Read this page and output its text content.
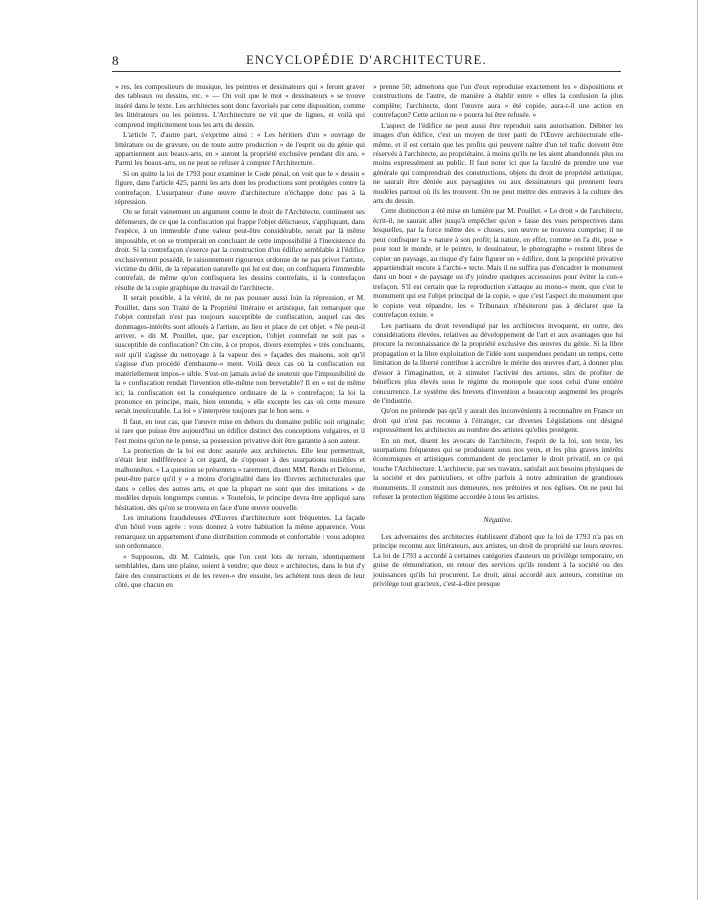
8	ENCYCLOPÉDIE D'ARCHITECTURE.

» res, les compositeurs de musique, les peintres et dessinateurs qui » feront graver des tableaux ou dessins, etc. » — On voit que le mot « dessinateurs » se trouve inséré dans le texte. Les architectes sont donc favorisés par cette disposition, comme les littérateurs ou les peintres. L'Architecture ne vit que de lignes, et voilà qui comprend implicitement tous les arts du dessin.

L'article 7, d'autre part, s'exprime ainsi : « Les héritiers d'un » ouvrage de littérature ou de gravure, ou de toute autre production » de l'esprit ou du génie qui appartiennent aux beaux-arts, en » auront la propriété exclusive pendant dix ans. » Parmi les beaux-arts, on ne peut se refuser à compter l'Architecture.

Si on quitte la loi de 1793 pour examiner le Code pénal, on voit que le « dessin » figure, dans l'article 425, parmi les arts dont les productions sont protégées contre la contrefaçon. L'usurpateur d'une œuvre d'architecture n'échappe donc pas à la répression.

On se ferait vainement un argument contre le droit de l'Architecte, continuent ses défenseurs, de ce que la confiscation qui frappe l'objet délictueux, s'appliquant, dans l'espèce, à un immeuble d'une valeur peut-être considérable, serait par là même impossible, et on se tromperait en concluant de cette impossibilité à l'inexistence du droit. Si la contrefaçon s'exerce par la construction d'un édifice semblable à l'édifice exclusivement possédé, le raisonnement rigoureux ordonne de ne pas priver l'artiste, victime du délit, de la réparation naturelle qui lui est due; on confisquera l'immeuble contrefait, de même qu'on confisquera les dessins contrefaits, si la contrefaçon résulte de la copie graphique du travail de l'architecte.

Il serait possible, à la vérité, de ne pas pousser aussi loin la répression, et M. Pouillet, dans son Traité de la Propriété littéraire et artistique, fait remarquer que l'objet contrefait n'est pas toujours susceptible de confiscation, auquel cas des dommages-intérêts sont alloués à l'artiste, au lieu et place de cet objet. « Ne peut-il arriver, » dit M. Pouillet, que, par exception, l'objet contrefait ne soit pas » susceptible de confiscation? On cite, à ce propos, divers exemples » très concluants, soit qu'il s'agisse du nettoyage à la vapeur des » façades des maisons, soit qu'il s'agisse d'un procédé d'embaume-» ment. Voilà deux cas où la confiscation est matériellement impos-» sible. S'est-on jamais avisé de soutenir que l'impossibilité de la » confiscation rendait l'invention elle-même non brevetable? Il en » est de même ici; la confiscation est la conséquence ordinaire de la » contrefaçon; la loi la prononce en principe, mais, bien entendu, » elle excepte les cas où cette mesure serait inexécutable. La loi » s'interprète toujours par le bon sens. »

Il faut, en tout cas, que l'œuvre mise en dehors du domaine public soit originale; si rare que puisse être aujourd'hui un édifice distinct des conceptions vulgaires, et il l'est moins qu'on ne le pense, sa possession privative doit être garantie à son auteur.

La protection de la loi est donc assurée aux architectes. Elle leur permettrait, n'était leur indifférence à cet égard, de s'opposer à des usurpations nuisibles et malhonnêtes. « La question se présentera » rarement, disent MM. Rendu et Delorme, peut-être parce qu'il y » a moins d'originalité dans les Œuvres architecturales que dans » celles des autres arts, et que la plupart ne sont que des imitations » de modèles depuis longtemps connus. » Toutefois, le principe devra être appliqué sans hésitation, dès qu'on se trouvera en face d'une œuvre nouvelle.

Les imitations frauduleuses d'Œuvres d'architecture sont fréquentes. La façade d'un hôtel vous agrée : vous donnez à votre habitation la même apparence. Vous remarquez un appartement d'une distribution commode et confortable : vous adoptez son ordonnance.

« Supposons, dit M. Calmels, que l'on cent lots de terrain, identiquement semblables, dans une plaine, soient à vendre; que deux » architectes, dans le but d'y faire des constructions et de les reven-» dre ensuite, les achètent tous deux de leur côté, que chacun en

» prenne 50; admettons que l'un d'eux reproduise exactement les » dispositions et constructions de l'autre, de manière à établir entre » elles la confusion la plus complète; l'architecte, dont l'œuvre aura » été copiée, aura-t-il une action en contrefaçon? Cette action ne » pourra lui être refusée. »

L'aspect de l'édifice ne peut aussi être reproduit sans autorisation. Débiter les images d'un édifice, c'est un moyen de tirer parti de l'Œuvre architecturale elle-même, et il est certain que les profits qui peuvent naître d'un tel trafic doivent être réservés à l'architecte, au propriétaire, à moins qu'ils ne les aient abandonnés plus ou moins expressément au public. Il faut noter ici que la faculté de prendre une vue générale qui comprendrait des constructions, objets du droit de propriété artistique, ne saurait être déniée aux paysagistes ou aux dessinateurs qui prennent leurs modèles partout où ils les trouvent. On ne peut mettre des entraves à la culture des arts du dessin.

Cette distinction a été mise en lumière par M. Pouillet. « Le droit » de l'architecte, écrit-il, ne saurait aller jusqu'à empêcher qu'on » fasse des vues perspectives dans lesquelles, par la force même des » choses, son œuvre se trouvera comprise; il ne peut confisquer la » nature à son profit; la nature, en effet, comme on l'a dit, pose » pour tout le monde, et le peintre, le dessinateur, le photographe » restent libres de copier un paysage, au risque d'y faire figurer un » édifice, dont la propriété privative appartiendrait encore à l'archi-» tecte. Mais il ne suffira pas d'encadrer le monument dans un bout » de paysage ou d'y joindre quelques accessoires pour éviter la con-» trefaçon. S'il est certain que la reproduction s'attaque au monu-» ment, que c'est le monument qui est l'objet principal de la copie, » que c'est l'aspect du monument que le copiste veut répandre, les » Tribunaux n'hésiteront pas à déclarer que la contrefaçon existe. »

Les partisans du droit revendiqué par les architectes invoquent, en outre, des considérations élevées, relatives au développement de l'art et aux avantages que lui procure la reconnaissance de la propriété exclusive des œuvres du génie. Si la libre propagation et la libre exploitation de l'idée sont suspendues pendant un temps, cette limitation de la liberté contribue à accroître le mérite des œuvres d'art, à donner plus d'essor à l'imagination, et à stimuler l'activité des artistes, sûrs de profiter de bénéfices plus élevés sous le régime du monopole que sous celui d'une entière concurrence. Le système des brevets d'invention a beaucoup augmenté les progrès de l'industrie.

Qu'on ne prétende pas qu'il y aurait des inconvénients à reconnaître en France un droit qui n'est pas reconnu à l'étranger, car diverses Législations ont désigné expressément les architectes au nombre des artistes qu'elles protègent.

En un mot, disent les avocats de l'architecte, l'esprit de la loi, son texte, les usurpations fréquentes qui se produisent sous nos yeux, et les plus graves intérêts économiques et artistiques commandent de proclamer le droit privatif, en ce qui touche l'Architecture. L'architecte, par ses travaux, satisfait aux besoins physiques de la société et des particuliers, et offre parfois à notre admiration de grandioses monuments. Il construit nos demeures, nos prétoires et nos églises. On ne peut lui refuser la protection légitime accordée à tous les artistes.

Négative.

Les adversaires des architectes établissent d'abord que la loi de 1793 n'a pas en principe reconnu aux littérateurs, aux artistes, un droit de propriété sur leurs œuvres. La loi de 1793 a accordé à certaines catégories d'auteurs un privilège temporaire, en guise de rémunération, en retour des services qu'ils rendent à la société ou des jouissances qu'ils lui procurent. Le droit, ainsi accordé aux auteurs, constitue un privilège tout gracieux, c'est-à-dire presque
